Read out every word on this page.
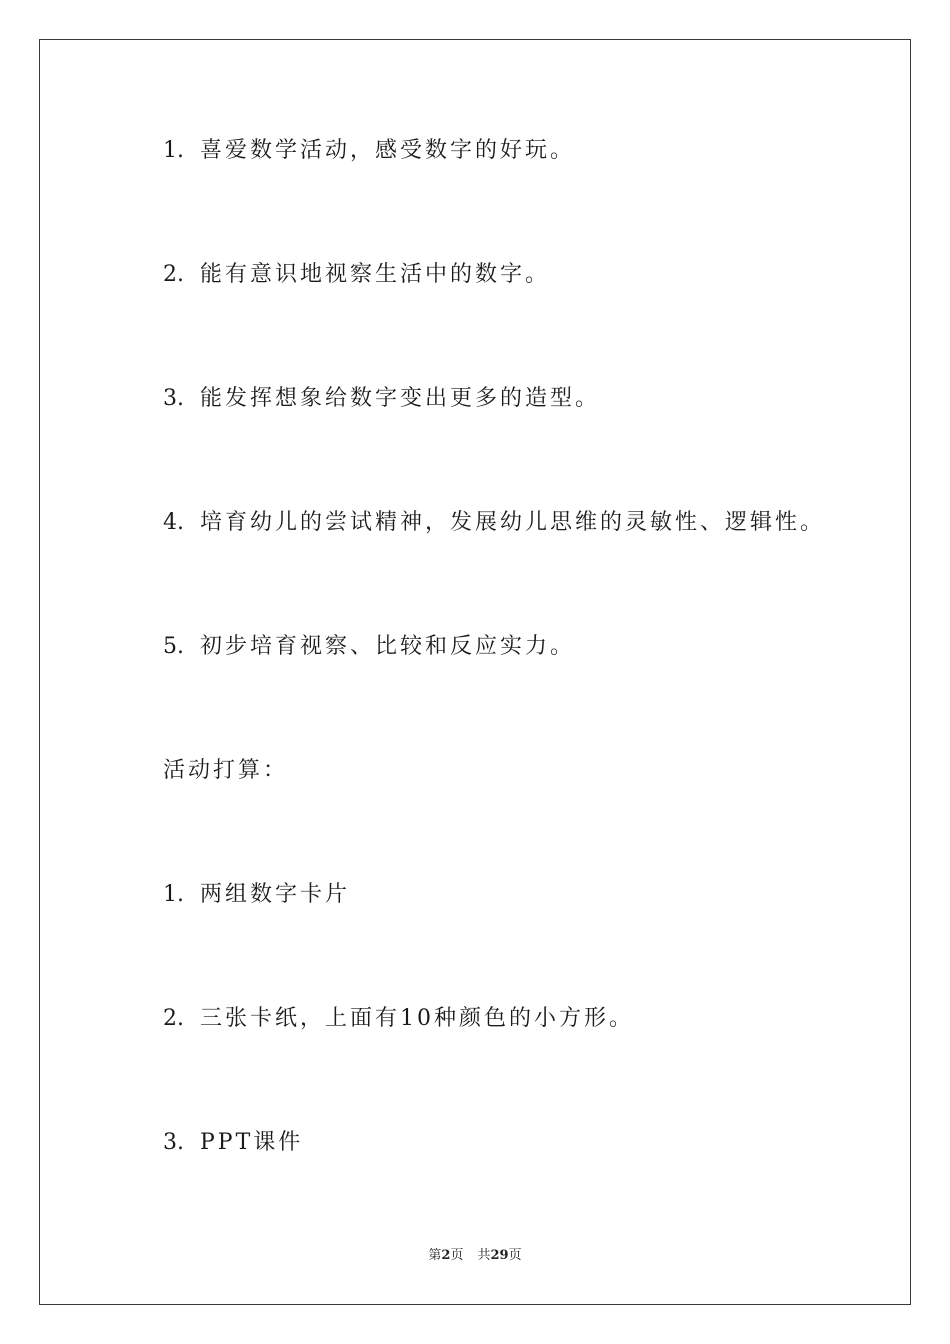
1. 喜爱数学活动，感受数字的好玩。
2. 能有意识地视察生活中的数字。
3. 能发挥想象给数字变出更多的造型。
4. 培育幼儿的尝试精神，发展幼儿思维的灵敏性、逻辑性。
5. 初步培育视察、比较和反应实力。
活动打算：
1. 两组数字卡片
2. 三张卡纸，上面有10种颜色的小方形。
3. PPT课件
第2页 共29页
